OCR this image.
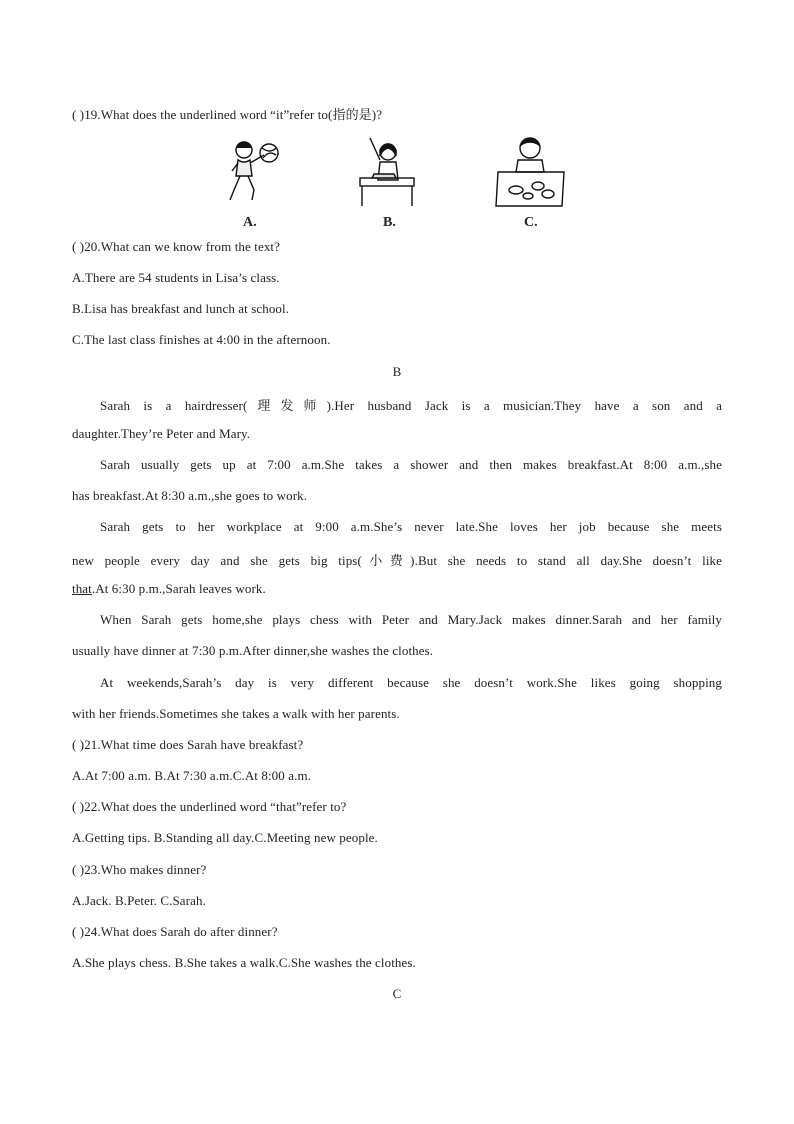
( )19.What does the underlined word “it”refer to(指的是)?
A.	B.	C.
( )20.What can we know from the text?
A.There are 54 students in Lisa’s class.
B.Lisa has breakfast and lunch at school.
C.The last class finishes at 4:00 in the afternoon.
B
Sarah is a hairdresser(理发师).Her husband Jack is a musician.They have a son and a
daughter.They’re Peter and Mary.
Sarah usually gets up at 7:00 a.m.She takes a shower and then makes breakfast.At 8:00 a.m.,she
has breakfast.At 8:30 a.m.,she goes to work.
Sarah gets to her workplace at 9:00 a.m.She’s never late.She loves her job because she meets
new people every day and she gets big tips(小费).But she needs to stand all day.She doesn’t like
that.At 6:30 p.m.,Sarah leaves work.
When Sarah gets home,she plays chess with Peter and Mary.Jack makes dinner.Sarah and her family
usually have dinner at 7:30 p.m.After dinner,she washes the clothes.
At weekends,Sarah’s day is very different because she doesn’t work.She likes going shopping
with her friends.Sometimes she takes a walk with her parents.
( )21.What time does Sarah have breakfast?
A.At 7:00 a.m. B.At 7:30 a.m.C.At 8:00 a.m.
( )22.What does the underlined word “that”refer to?
A.Getting tips. B.Standing all day.C.Meeting new people.
( )23.Who makes dinner?
A.Jack. B.Peter. C.Sarah.
( )24.What does Sarah do after dinner?
A.She plays chess. B.She takes a walk.C.She washes the clothes.
C
